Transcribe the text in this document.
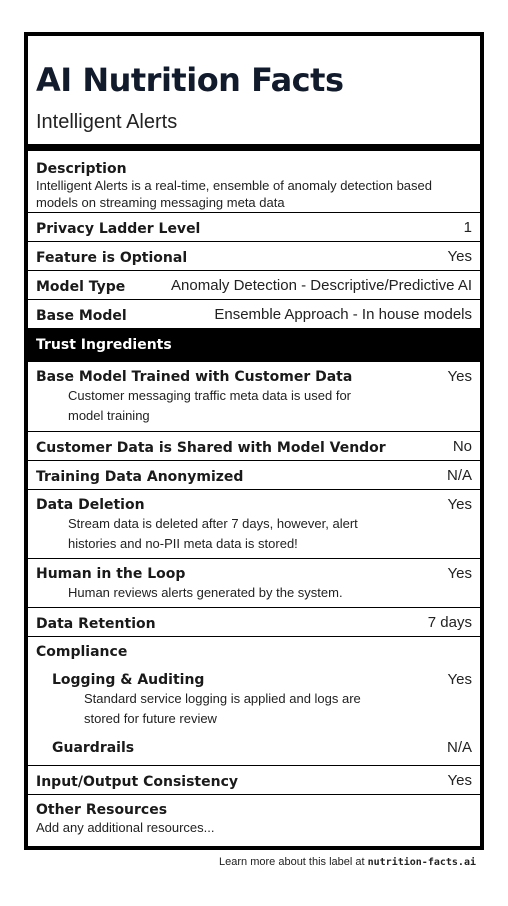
AI Nutrition Facts
Intelligent Alerts
Description
Intelligent Alerts is a real-time, ensemble of anomaly detection based models on streaming messaging meta data
Privacy Ladder Level	1
Feature is Optional	Yes
Model Type	Anomaly Detection - Descriptive/Predictive AI
Base Model	Ensemble Approach - In house models
Trust Ingredients
Base Model Trained with Customer Data	Yes
Customer messaging traffic meta data is used for model training
Customer Data is Shared with Model Vendor	No
Training Data Anonymized	N/A
Data Deletion	Yes
Stream data is deleted after 7 days, however, alert histories and no-PII meta data is stored!
Human in the Loop	Yes
Human reviews alerts generated by the system.
Data Retention	7 days
Compliance
Logging & Auditing	Yes
Standard service logging is applied and logs are stored for future review
Guardrails	N/A
Input/Output Consistency	Yes
Other Resources
Add any additional resources...
Learn more about this label at nutrition-facts.ai
